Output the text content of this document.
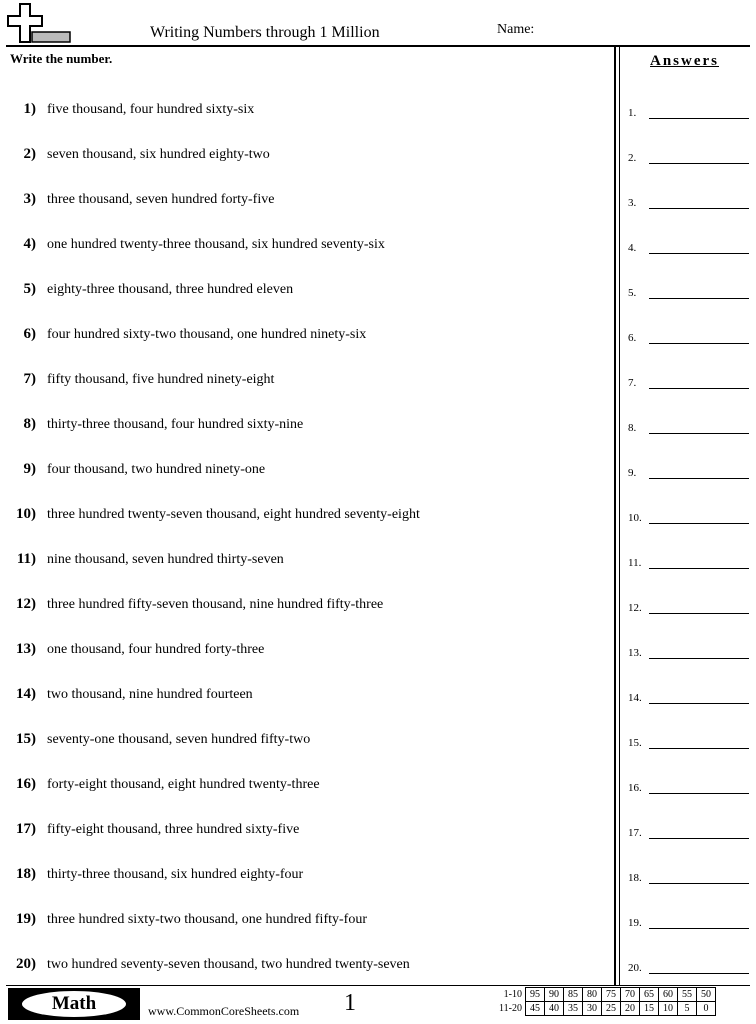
Writing Numbers through 1 Million	Name:
Write the number.	Answers
1) five thousand, four hundred sixty-six
2) seven thousand, six hundred eighty-two
3) three thousand, seven hundred forty-five
4) one hundred twenty-three thousand, six hundred seventy-six
5) eighty-three thousand, three hundred eleven
6) four hundred sixty-two thousand, one hundred ninety-six
7) fifty thousand, five hundred ninety-eight
8) thirty-three thousand, four hundred sixty-nine
9) four thousand, two hundred ninety-one
10) three hundred twenty-seven thousand, eight hundred seventy-eight
11) nine thousand, seven hundred thirty-seven
12) three hundred fifty-seven thousand, nine hundred fifty-three
13) one thousand, four hundred forty-three
14) two thousand, nine hundred fourteen
15) seventy-one thousand, seven hundred fifty-two
16) forty-eight thousand, eight hundred twenty-three
17) fifty-eight thousand, three hundred sixty-five
18) thirty-three thousand, six hundred eighty-four
19) three hundred sixty-two thousand, one hundred fifty-four
20) two hundred seventy-seven thousand, two hundred twenty-seven
1.
2.
3.
4.
5.
6.
7.
8.
9.
10.
11.
12.
13.
14.
15.
16.
17.
18.
19.
20.
Math	www.CommonCoreSheets.com 1	1-10	95	90	85	80	75	70	65	60	55	50
11-20	45	40	35	30	25	20	15	10	5	0
